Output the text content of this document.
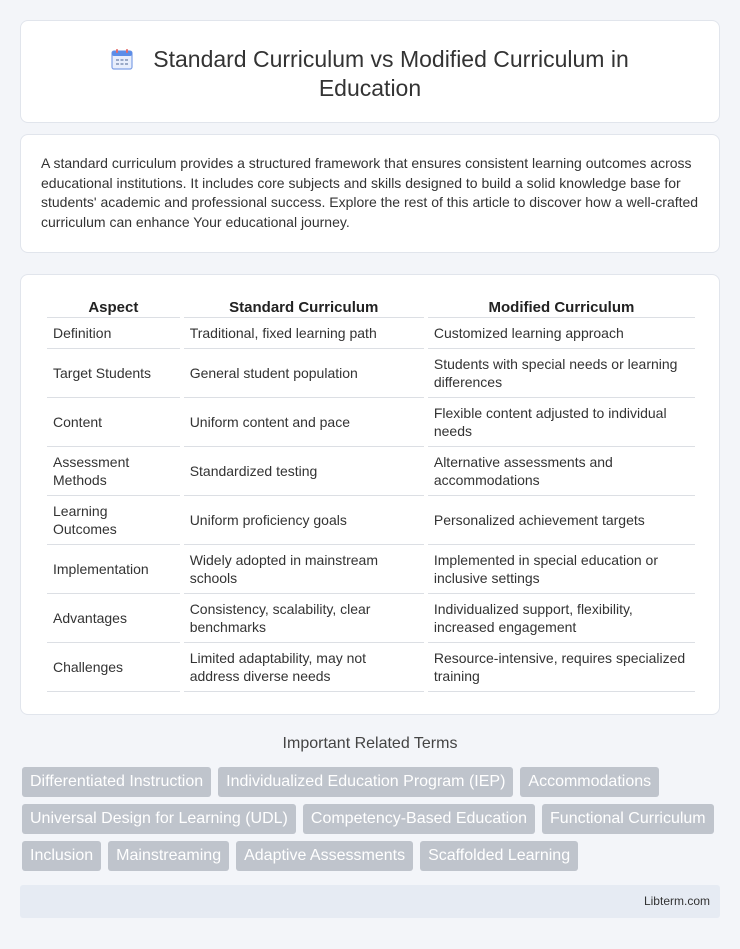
Standard Curriculum vs Modified Curriculum in
Education

A standard curriculum provides a structured framework that ensures consistent learning outcomes across educational institutions. It includes core subjects and skills designed to build a solid knowledge base for students' academic and professional success. Explore the rest of this article to discover how a well-crafted curriculum can enhance Your educational journey.

Aspect	Standard Curriculum	Modified Curriculum
Definition	Traditional, fixed learning path	Customized learning approach
Target Students	General student population	Students with special needs or learning differences
Content	Uniform content and pace	Flexible content adjusted to individual needs
Assessment Methods	Standardized testing	Alternative assessments and accommodations
Learning Outcomes	Uniform proficiency goals	Personalized achievement targets
Implementation	Widely adopted in mainstream schools	Implemented in special education or inclusive settings
Advantages	Consistency, scalability, clear benchmarks	Individualized support, flexibility, increased engagement
Challenges	Limited adaptability, may not address diverse needs	Resource-intensive, requires specialized training
Important Related Terms
Differentiated Instruction	Individualized Education Program (IEP)	Accommodations
Universal Design for Learning (UDL)	Competency-Based Education	Functional Curriculum
Inclusion	Mainstreaming	Adaptive Assessments	Scaffolded Learning
Libterm.com
